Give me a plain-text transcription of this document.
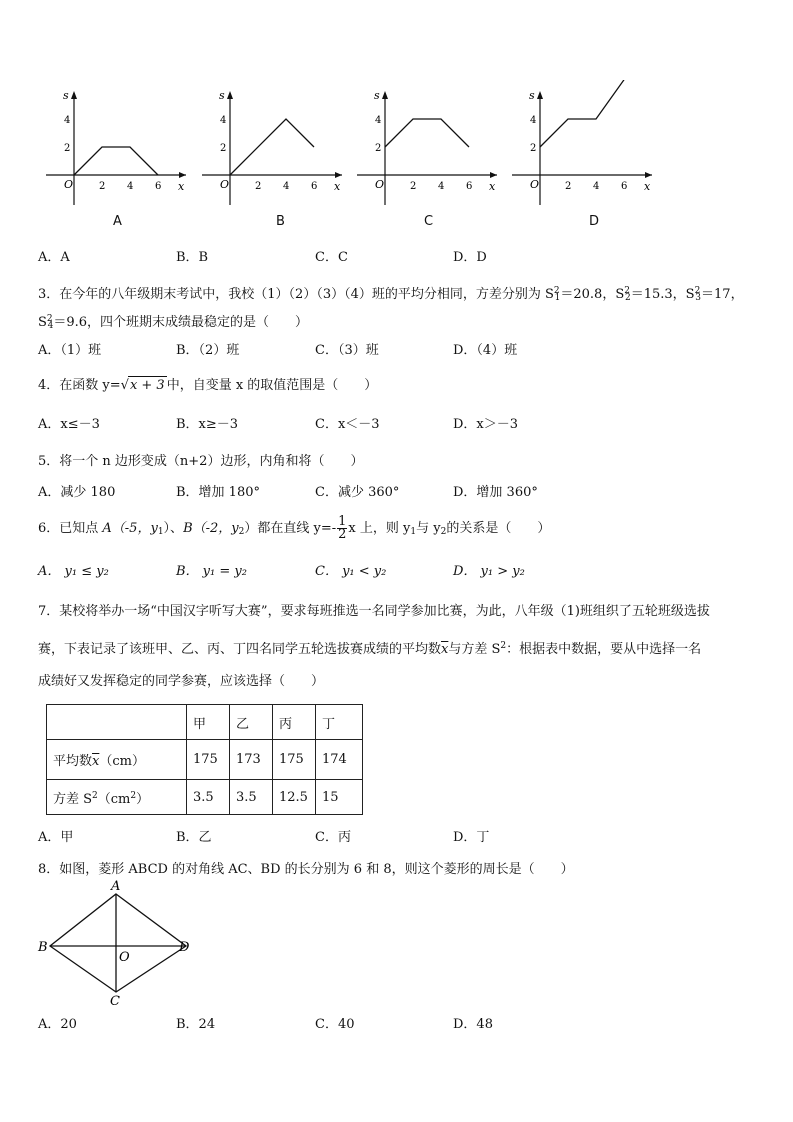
s
x
O	2 4 6
2
4
s
x
O	2 4 6
2
4
s
x
O	2 4 6
2
4
s
x
O	2 4 6
2
4
A	B	C	D
A．A	B．B	C．C	D．D
3．在今年的八年级期末考试中，我校（1）（2）（3）（4）班的平均分相同，方差分别为 $S^2_1=20.8$，$S^2_2=15.3$，$S^2_3=17$，
$S^2_4=9.6$，四个班期末成绩最稳定的是（　　）
A．（1）班	B．（2）班	C．（3）班	D．（4）班
4．在函数 y=√x + 3 中，自变量 x 的取值范围是（　　）
A．x≤－3	B．x≥－3	C．x＜－3	D．x＞－3
5．将一个 n 边形变成（n+2）边形，内角和将（　　）
A．减少 180	B．增加 180°	C．减少 360°	D．增加 360°
6．已知点 A（-5，$y_1$）、B（-2，$y_2$）都在直线 $y=- \frac{1}{2}$ x 上，则 $y_1$与 $y_2$的关系是（　　）
A． y₁ ≤ y₂	B． y₁ = y₂	C． y₁ < y₂	D． y₁ > y₂
7．某校将举办一场“中国汉字听写大赛”，要求每班推选一名同学参加比赛，为此，八年级（1)班组织了五轮班级选拔
赛，下表记录了该班甲、乙、丙、丁四名同学五轮选拔赛成绩的平均数$\overline{x}$与方差 $S^2$：根据表中数据，要从中选择一名
成绩好又发挥稳定的同学参赛，应该选择（　　）
	甲	乙	丙	丁
平均数$\overline{x}(cm)$	175	173	175	174
方差 $S^2(cm^2)$	3.5	3.5	12.5	15
A．甲	B．乙	C．丙	D．丁
8．如图，菱形 ABCD 的对角线 AC、BD 的长分别为 6 和 8，则这个菱形的周长是（　　）
A
B
C
D
O
A．20	B．24	C．40	D．48
